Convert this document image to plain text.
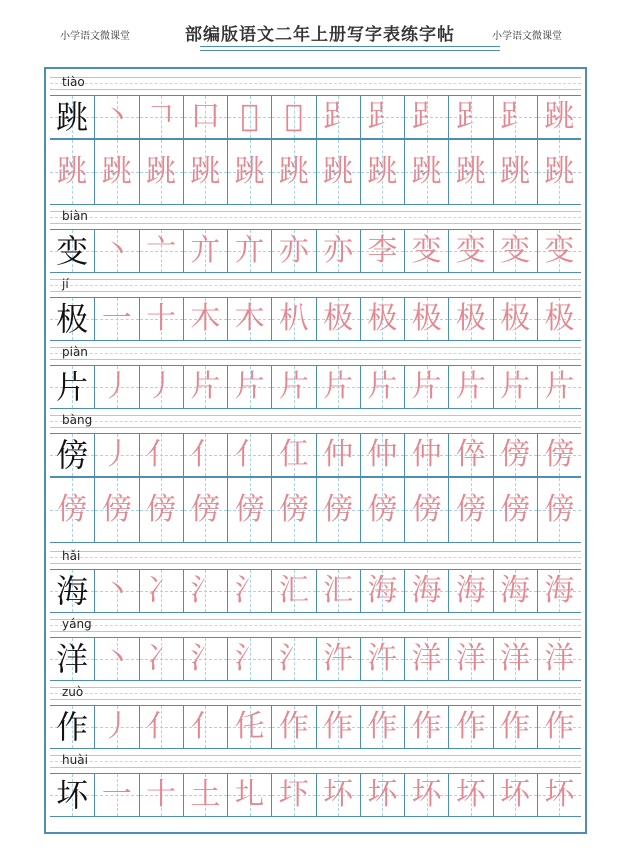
小学语文微课堂	部编版语文二年上册写字表练字帖	小学语文微课堂
tiào
跳 丶 𠃍 口 𠯁 𠯁 𧾷 𧾷 𧾷 𧾷 𧾷 跳
跳 跳 跳 跳 跳 跳 跳 跳 跳 跳 跳 跳
biàn
变 丶 亠 亣 亣 亦 亦 李 变 变 变 变
jí
极 一 十 木 木 朳 极 极 极 极 极 极
piàn
片 丿 丿 片 片 片 片 片 片 片 片 片
bàng
傍 丿 亻 亻 亻 仜 仲 仲 仲 倅 傍 傍
傍 傍 傍 傍 傍 傍 傍 傍 傍 傍 傍 傍
hǎi
海 丶 冫 氵 氵 汇 汇 海 海 海 海 海
yáng
洋 丶 冫 氵 氵 氵 汻 汻 洋 洋 洋 洋
zuò
作 丿 亻 亻 仛 作 作 作 作 作 作 作
huài
坏 一 十 土 圠 圷 坏 坏 坏 坏 坏 坏
